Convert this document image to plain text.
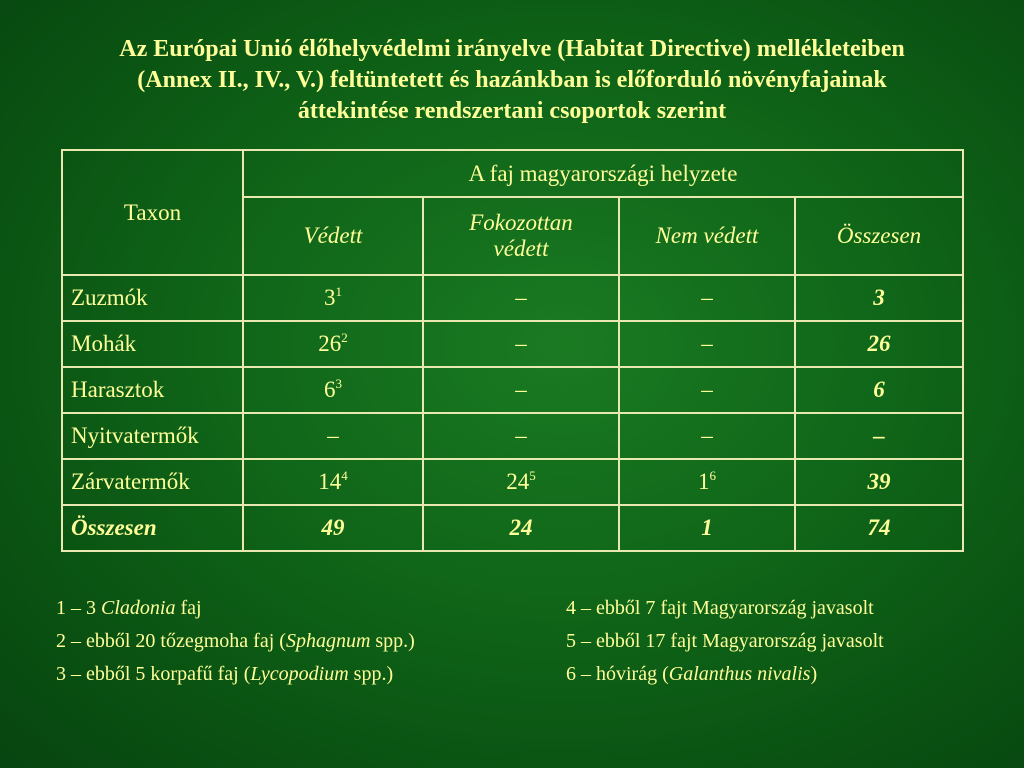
Az Európai Unió élőhelyvédelmi irányelve (Habitat Directive) mellékleteiben
(Annex II., IV., V.) feltüntetett és hazánkban is előforduló növényfajainak
áttekintése rendszertani csoportok szerint
Taxon	A faj magyarországi helyzete			
	Védett	Fokozottan
védett	Nem védett	Összesen
Zuzmók	$3^1$	–	–	3
Mohák	$26^2$	–	–	26
Harasztok	$6^3$	–	–	6
Nyitvatermők	–	–	–	–
Zárvatermők	$14^4$	$24^5$	$1^6$	39
Összesen	49	24	1	74
1 – 3 Cladonia faj
2 – ebből 20 tőzegmoha faj (Sphagnum spp.)
3 – ebből 5 korpafű faj (Lycopodium spp.)
4 – ebből 7 fajt Magyarország javasolt
5 – ebből 17 fajt Magyarország javasolt
6 – hóvirág (Galanthus nivalis)
